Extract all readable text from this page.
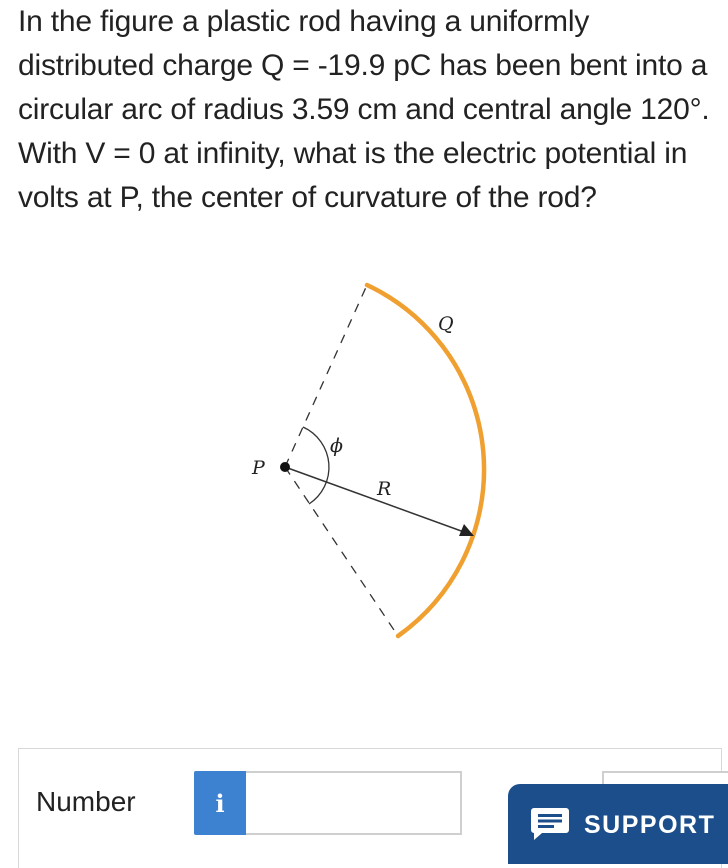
In the figure a plastic rod having a uniformly distributed charge Q = -19.9 pC has been bent into a circular arc of radius 3.59 cm and central angle 120°. With V = 0 at infinity, what is the electric potential in volts at P, the center of curvature of the rod?
P
Q
R
ϕ
Number	i
SUPPORT
